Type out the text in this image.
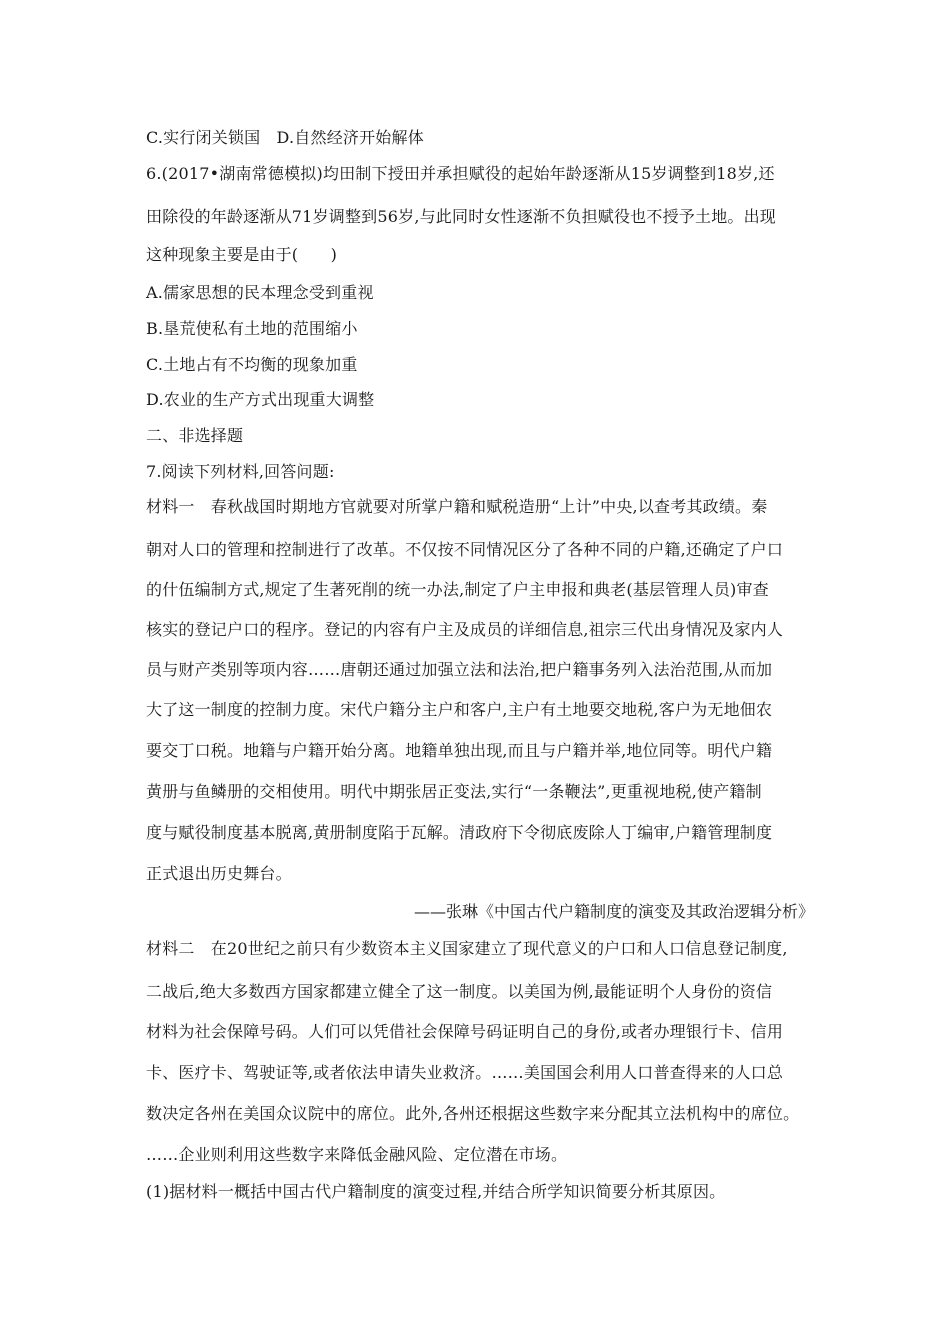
C.实行闭关锁国　D.自然经济开始解体
6.(2017•湖南常德模拟)均田制下授田并承担赋役的起始年龄逐渐从15岁调整到18岁,还
田除役的年龄逐渐从71岁调整到56岁,与此同时女性逐渐不负担赋役也不授予土地。出现
这种现象主要是由于(　　)
A.儒家思想的民本理念受到重视
B.垦荒使私有土地的范围缩小
C.土地占有不均衡的现象加重
D.农业的生产方式出现重大调整
二、非选择题
7.阅读下列材料,回答问题:
材料一　春秋战国时期地方官就要对所掌户籍和赋税造册“上计”中央,以查考其政绩。秦
朝对人口的管理和控制进行了改革。不仅按不同情况区分了各种不同的户籍,还确定了户口
的什伍编制方式,规定了生著死削的统一办法,制定了户主申报和典老(基层管理人员)审查
核实的登记户口的程序。登记的内容有户主及成员的详细信息,祖宗三代出身情况及家内人
员与财产类别等项内容……唐朝还通过加强立法和法治,把户籍事务列入法治范围,从而加
大了这一制度的控制力度。宋代户籍分主户和客户,主户有土地要交地税,客户为无地佃农
要交丁口税。地籍与户籍开始分离。地籍单独出现,而且与户籍并举,地位同等。明代户籍
黄册与鱼鳞册的交相使用。明代中期张居正变法,实行“一条鞭法”,更重视地税,使产籍制
度与赋役制度基本脱离,黄册制度陷于瓦解。清政府下令彻底废除人丁编审,户籍管理制度
正式退出历史舞台。
——张琳《中国古代户籍制度的演变及其政治逻辑分析》
材料二　在20世纪之前只有少数资本主义国家建立了现代意义的户口和人口信息登记制度,
二战后,绝大多数西方国家都建立健全了这一制度。以美国为例,最能证明个人身份的资信
材料为社会保障号码。人们可以凭借社会保障号码证明自己的身份,或者办理银行卡、信用
卡、医疗卡、驾驶证等,或者依法申请失业救济。……美国国会利用人口普查得来的人口总
数决定各州在美国众议院中的席位。此外,各州还根据这些数字来分配其立法机构中的席位。
……企业则利用这些数字来降低金融风险、定位潜在市场。
(1)据材料一概括中国古代户籍制度的演变过程,并结合所学知识简要分析其原因。
